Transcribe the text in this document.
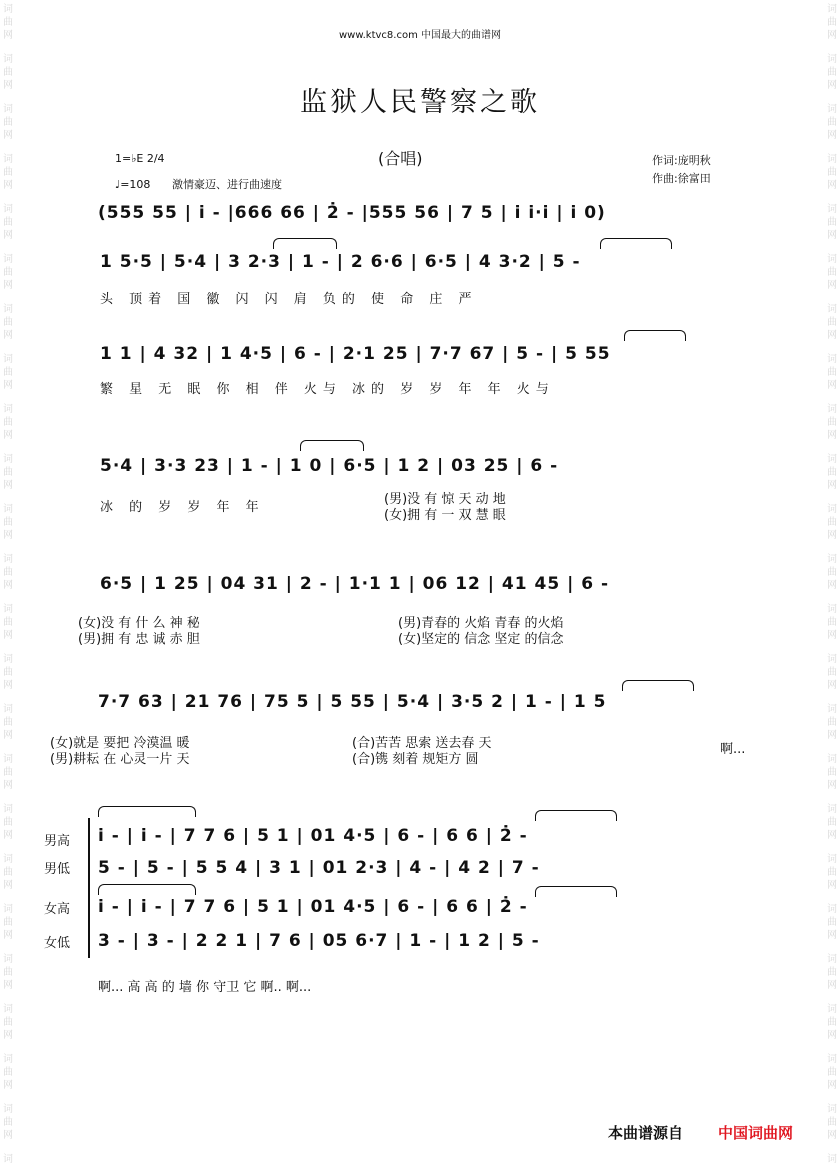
词
曲
网
词
曲
网
词
曲
网
词
曲
网
词
曲
网
词
曲
网
词
曲
网
词
曲
网
词
曲
网
词
曲
网
词
曲
网
词
曲
网
词
曲
网
词
曲
网
词
曲
网
词
曲
网
词
曲
网
词
曲
网
词
曲
网
词
曲
网
词
曲
网
词
曲
网
词
曲
网
词
词
曲
网
词
曲
网
词
曲
网
词
曲
网
词
曲
网
词
曲
网
词
曲
网
词
曲
网
词
曲
网
词
曲
网
词
曲
网
词
曲
网
词
曲
网
词
曲
网
词
曲
网
词
曲
网
词
曲
网
词
曲
网
词
曲
网
词
曲
网
词
曲
网
词
曲
网
词
曲
网
词
www.ktvc8.com 中国最大的曲谱网
监狱人民警察之歌
(合唱)
1=♭E 2/4
♩=108 激情豪迈、进行曲速度
作词:庞明秋
作曲:徐富田
(555 55 | i - |666 66 | 2̇ - |555 56 | 7 5 | i i·i | i 0)
1 5·5 | 5·4 | 3 2·3 | 1 - | 2 6·6 | 6·5 | 4 3·2 | 5 -
头 顶着 国 徽 闪 闪 肩 负的 使 命 庄 严
1 1 | 4 32 | 1 4·5 | 6 - | 2·1 25 | 7·7 67 | 5 - | 5 55
繁 星 无 眠 你 相 伴 火与 冰的 岁 岁 年 年 火与
5·4 | 3·3 23 | 1 - | 1 0 | 6·5 | 1 2 | 03 25 | 6 -
冰 的 岁 岁 年 年
(男)没 有 惊 天 动 地
(女)拥 有 一 双 慧 眼
6·5 | 1 25 | 04 31 | 2 - | 1·1 1 | 06 12 | 41 45 | 6 -
(女)没 有 什 么 神 秘
(男)拥 有 忠 诚 赤 胆
(男)青春的 火焰 青春 的火焰
(女)坚定的 信念 坚定 的信念
7·7 63 | 21 76 | 75 5 | 5 55 | 5·4 | 3·5 2 | 1 - | 1 5
(女)就是 要把 冷漠温 暖
(男)耕耘 在 心灵一片 天
(合)苦苦 思索 送去春 天
(合)镌 刻着 规矩方 圆
啊...
男高
男低
女高
女低
i - | i - | 7 7 6 | 5 1 | 01 4·5 | 6 - | 6 6 | 2̇ -
5 - | 5 - | 5 5 4 | 3 1 | 01 2·3 | 4 - | 4 2 | 7 -
i - | i - | 7 7 6 | 5 1 | 01 4·5 | 6 - | 6 6 | 2̇ -
3 - | 3 - | 2 2 1 | 7 6 | 05 6·7 | 1 - | 1 2 | 5 -
啊... 高 高 的 墙 你 守卫 它 啊.. 啊...
本曲谱源自 中国词曲网
